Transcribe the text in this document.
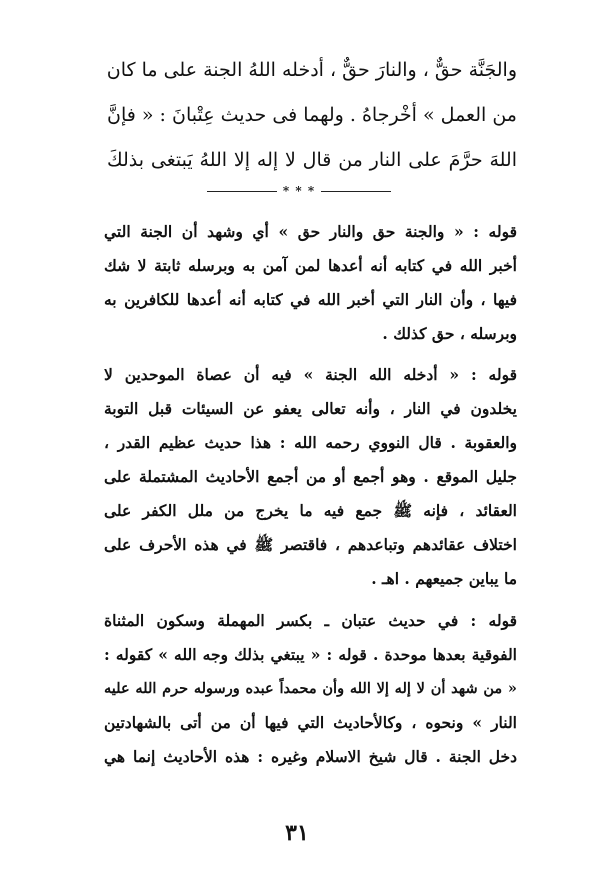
والجَنَّة حقٌّ ، والنارَ حقٌّ ، أدخله اللهُ الجنة على ما كان

من العمل » أخْرجاهُ . ولهما فى حديث عِتْبانَ : « فإنَّ

اللهَ حرَّمَ على النار من قال لا إله إلا اللهُ يَبتغى بذلكَ

* * *

قوله : « والجنة حق والنار حق » أي وشهد أن الجنة التي

أخبر الله في كتابه أنه أعدها لمن آمن به وبرسله ثابتة لا شك

فيها ، وأن النار التي أخبر الله في كتابه أنه أعدها للكافرين به

وبرسله ، حق كذلك .

قوله : « أدخله الله الجنة » فيه أن عصاة الموحدين لا

يخلدون في النار ، وأنه تعالى يعفو عن السيئات قبل التوبة

والعقوبة . قال النووي رحمه الله : هذا حديث عظيم القدر ،

جليل الموقع . وهو أجمع أو من أجمع الأحاديث المشتملة على

العقائد ، فإنه ﷺ جمع فيه ما يخرج من ملل الكفر على

اختلاف عقائدهم وتباعدهم ، فاقتصر ﷺ في هذه الأحرف على

ما يباين جميعهم . اهـ .

قوله : في حديث عتبان ـ بكسر المهملة وسكون المثناة

الفوقية بعدها موحدة . قوله : « يبتغي بذلك وجه الله » كقوله :

« من شهد أن لا إله إلا الله وأن محمداً عبده ورسوله حرم الله عليه

النار » ونحوه ، وكالأحاديث التي فيها أن من أتى بالشهادتين

دخل الجنة . قال شيخ الاسلام وغيره : هذه الأحاديث إنما هي

٣١
